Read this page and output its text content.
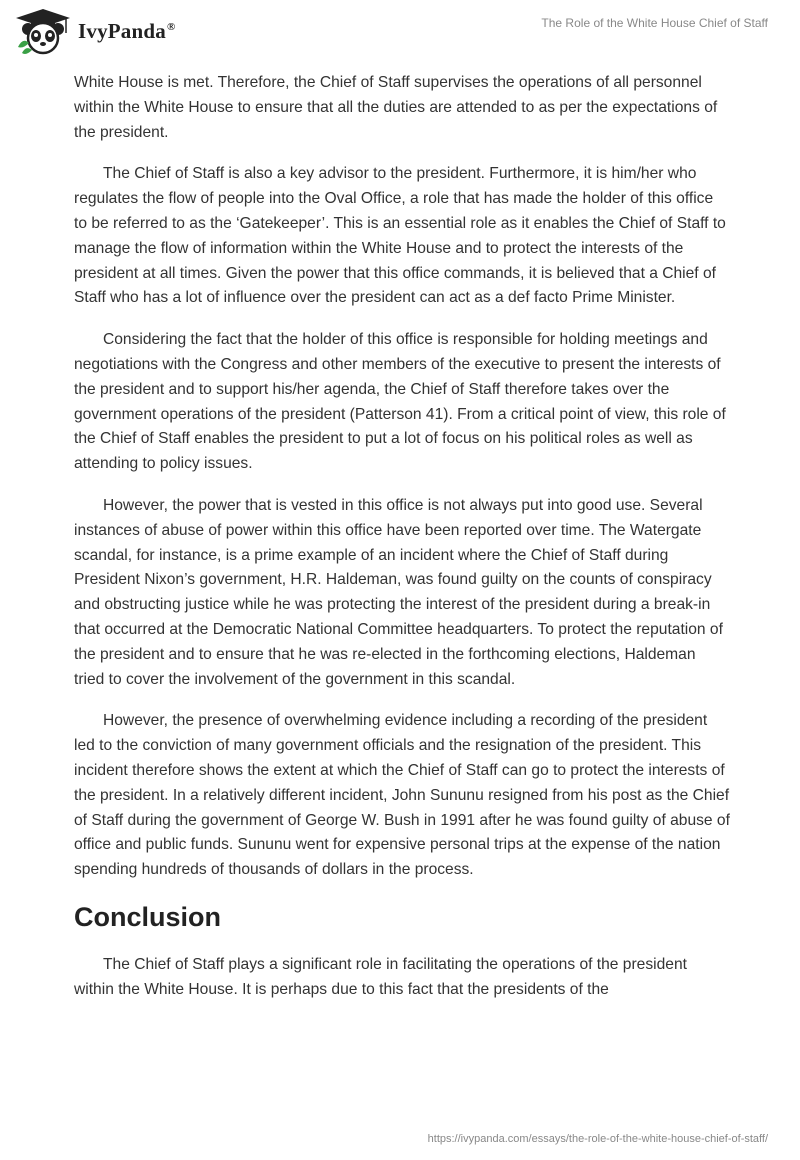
IvyPanda®	The Role of the White House Chief of Staff

White House is met. Therefore, the Chief of Staff supervises the operations of all personnel within the White House to ensure that all the duties are attended to as per the expectations of the president.

The Chief of Staff is also a key advisor to the president. Furthermore, it is him/her who regulates the flow of people into the Oval Office, a role that has made the holder of this office to be referred to as the ‘Gatekeeper’. This is an essential role as it enables the Chief of Staff to manage the flow of information within the White House and to protect the interests of the president at all times. Given the power that this office commands, it is believed that a Chief of Staff who has a lot of influence over the president can act as a def facto Prime Minister.

Considering the fact that the holder of this office is responsible for holding meetings and negotiations with the Congress and other members of the executive to present the interests of the president and to support his/her agenda, the Chief of Staff therefore takes over the government operations of the president (Patterson 41). From a critical point of view, this role of the Chief of Staff enables the president to put a lot of focus on his political roles as well as attending to policy issues.

However, the power that is vested in this office is not always put into good use. Several instances of abuse of power within this office have been reported over time. The Watergate scandal, for instance, is a prime example of an incident where the Chief of Staff during President Nixon’s government, H.R. Haldeman, was found guilty on the counts of conspiracy and obstructing justice while he was protecting the interest of the president during a break-in that occurred at the Democratic National Committee headquarters. To protect the reputation of the president and to ensure that he was re-elected in the forthcoming elections, Haldeman tried to cover the involvement of the government in this scandal.

However, the presence of overwhelming evidence including a recording of the president led to the conviction of many government officials and the resignation of the president. This incident therefore shows the extent at which the Chief of Staff can go to protect the interests of the president. In a relatively different incident, John Sununu resigned from his post as the Chief of Staff during the government of George W. Bush in 1991 after he was found guilty of abuse of office and public funds. Sununu went for expensive personal trips at the expense of the nation spending hundreds of thousands of dollars in the process.

Conclusion

The Chief of Staff plays a significant role in facilitating the operations of the president within the White House. It is perhaps due to this fact that the presidents of the

https://ivypanda.com/essays/the-role-of-the-white-house-chief-of-staff/
